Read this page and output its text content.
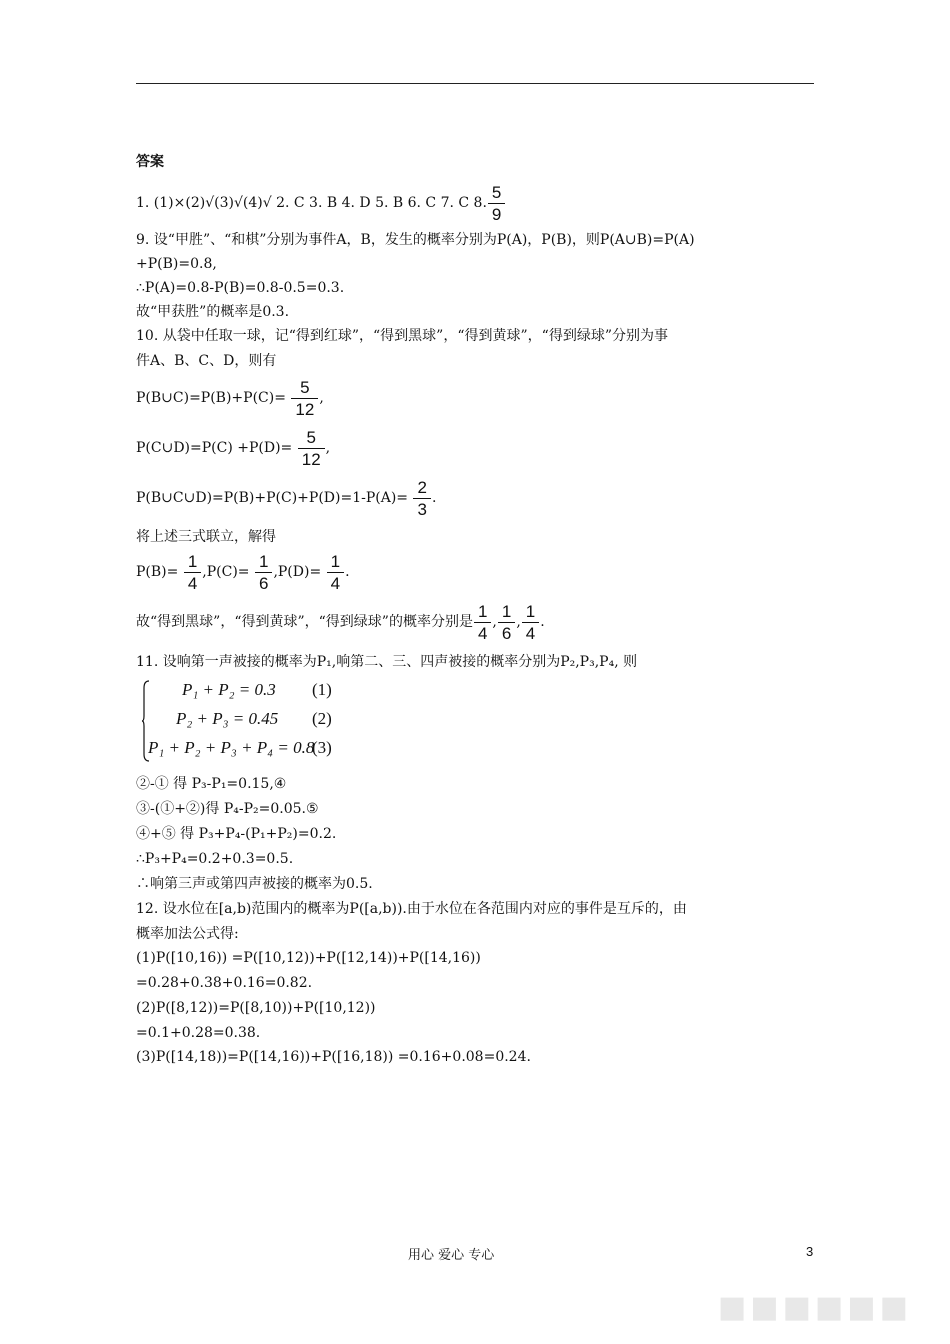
答案
1. (1)×(2)√(3)√(4)√ 2. C 3. B 4. D 5. B 6. C 7. C 8. $\frac{5}{9}$
9. 设“甲胜”、“和棋”分别为事件A，B，发生的概率分别为P(A)，P(B)，则P(A∪B)=P(A)
+P(B)=0.8,
∴P(A)=0.8-P(B)=0.8-0.5=0.3.
故“甲获胜”的概率是0.3.
10. 从袋中任取一球，记“得到红球”，“得到黑球”，“得到黄球”，“得到绿球”分别为事
件A、B、C、D，则有
P(B∪C)=P(B)+P(C)= $\frac{5}{12}$ ,
P(C∪D)=P(C) $+P(D)= \frac{5}{12}$ ,
P(B∪C∪D)=P(B)+P(C)+P(D)=1-P(A)= $\frac{2}{3}$ .
将上述三式联立，解得
$P(B)= \frac{1}{4} ,P(C)= \frac{1}{6} ,P(D)= \frac{1}{4}$ .
故“得到黑球”，“得到黄球”，“得到绿球”的概率分别是 $\frac{1}{4}$ , $\frac{1}{6}$ , $\frac{1}{4}$ .
11. 设响第一声被接的概率为P₁,响第二、三、四声被接的概率分别为P₂,P₃,P₄, 则
P₁ + P₂ = 0.3 (1)
P₂ + P₃ = 0.45 (2)
P₁ + P₂ + P₃ + P₄ = 0.8
(3)
②-① 得 P₃-P₁=0.15,④
③-(①+②)得 P₄-P₂=0.05.⑤
④+⑤ 得 P₃+P₄-(P₁+P₂)=0.2.
∴P₃+P₄=0.2+0.3=0.5.
∴响第三声或第四声被接的概率为0.5.
12. 设水位在[a,b)范围内的概率为P([a,b)).由于水位在各范围内对应的事件是互斥的，由
概率加法公式得:
(1)P([10,16)) =P([10,12))+P([12,14))+P([14,16))
=0.28+0.38+0.16=0.82.
(2)P([8,12))=P([8,10))+P([10,12))
=0.1+0.28=0.38.
(3)P([14,18))=P([14,16))+P([16,18)) =0.16+0.08=0.24.
用心 爱心 专心	3
■■■■■■
